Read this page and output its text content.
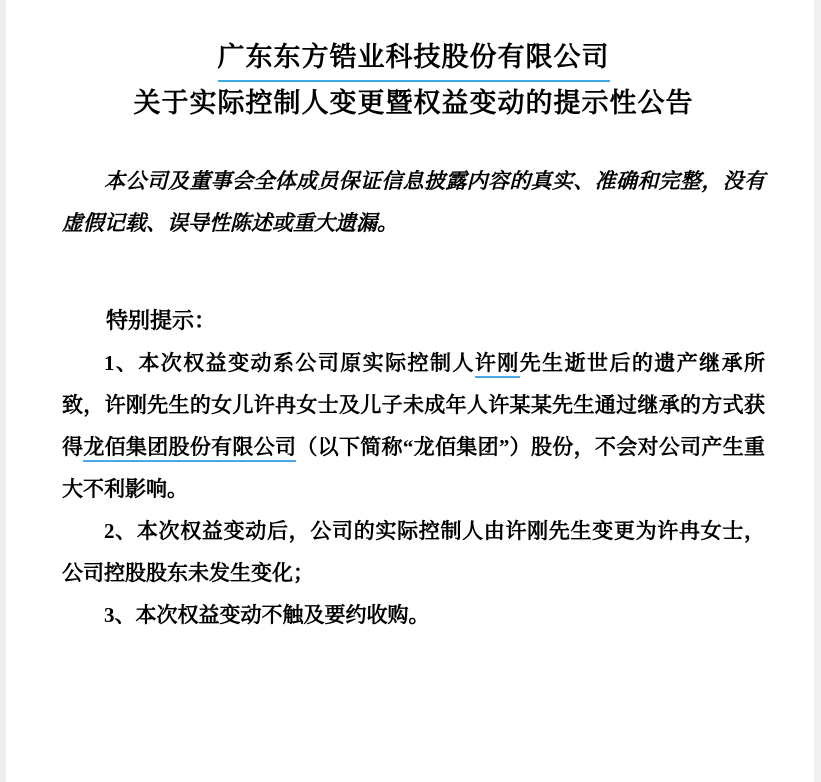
广东东方锆业科技股份有限公司
关于实际控制人变更暨权益变动的提示性公告

本公司及董事会全体成员保证信息披露内容的真实、准确和完整，没有虚假记载、误导性陈述或重大遗漏。

特别提示：

1、本次权益变动系公司原实际控制人许刚先生逝世后的遗产继承所致，许刚先生的女儿许冉女士及儿子未成年人许某某先生通过继承的方式获得龙佰集团股份有限公司（以下简称“龙佰集团”）股份，不会对公司产生重大不利影响。

2、本次权益变动后，公司的实际控制人由许刚先生变更为许冉女士，公司控股股东未发生变化；

3、本次权益变动不触及要约收购。
